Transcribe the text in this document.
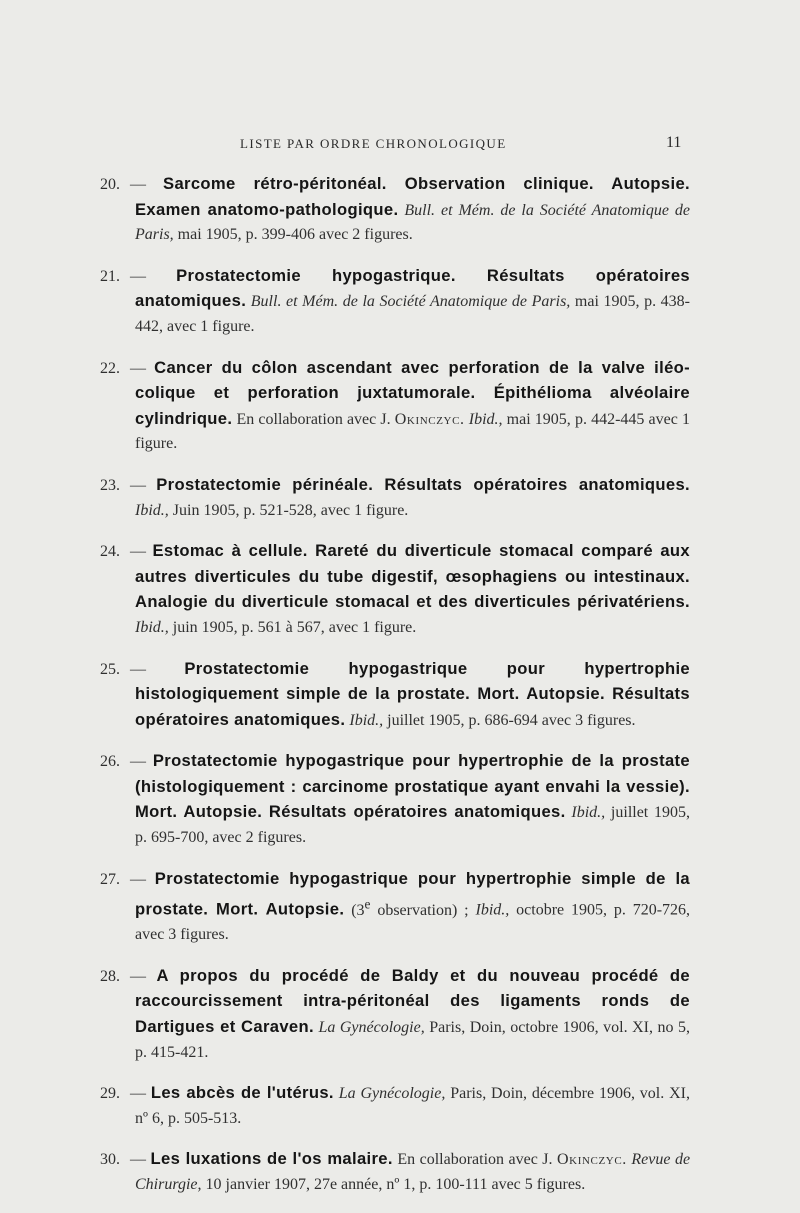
LISTE PAR ORDRE CHRONOLOGIQUE	11

20. — Sarcome rétro-péritonéal. Observation clinique. Autopsie. Examen anatomo-pathologique. Bull. et Mém. de la Société Anatomique de Paris, mai 1905, p. 399-406 avec 2 figures.

21. — Prostatectomie hypogastrique. Résultats opératoires anatomiques. Bull. et Mém. de la Société Anatomique de Paris, mai 1905, p. 438-442, avec 1 figure.

22. — Cancer du côlon ascendant avec perforation de la valve iléo-colique et perforation juxtatumorale. Épithélioma alvéolaire cylindrique. En collaboration avec J. Okinczyc. Ibid., mai 1905, p. 442-445 avec 1 figure.

23. — Prostatectomie périnéale. Résultats opératoires anatomiques. Ibid., Juin 1905, p. 521-528, avec 1 figure.

24. — Estomac à cellule. Rareté du diverticule stomacal comparé aux autres diverticules du tube digestif, œsophagiens ou intestinaux. Analogie du diverticule stomacal et des diverticules périvatériens. Ibid., juin 1905, p. 561 à 567, avec 1 figure.

25. — Prostatectomie hypogastrique pour hypertrophie histologiquement simple de la prostate. Mort. Autopsie. Résultats opératoires anatomiques. Ibid., juillet 1905, p. 686-694 avec 3 figures.

26. — Prostatectomie hypogastrique pour hypertrophie de la prostate (histologiquement : carcinome prostatique ayant envahi la vessie). Mort. Autopsie. Résultats opératoires anatomiques. Ibid., juillet 1905, p. 695-700, avec 2 figures.

27. — Prostatectomie hypogastrique pour hypertrophie simple de la prostate. Mort. Autopsie. (3e observation) ; Ibid., octobre 1905, p. 720-726, avec 3 figures.

28. — A propos du procédé de Baldy et du nouveau procédé de raccourcissement intra-péritonéal des ligaments ronds de Dartigues et Caraven. La Gynécologie, Paris, Doin, octobre 1906, vol. XI, no 5, p. 415-421.

29. — Les abcès de l'utérus. La Gynécologie, Paris, Doin, décembre 1906, vol. XI, nº 6, p. 505-513.

30. — Les luxations de l'os malaire. En collaboration avec J. Okinczyc. Revue de Chirurgie, 10 janvier 1907, 27e année, nº 1, p. 100-111 avec 5 figures.
